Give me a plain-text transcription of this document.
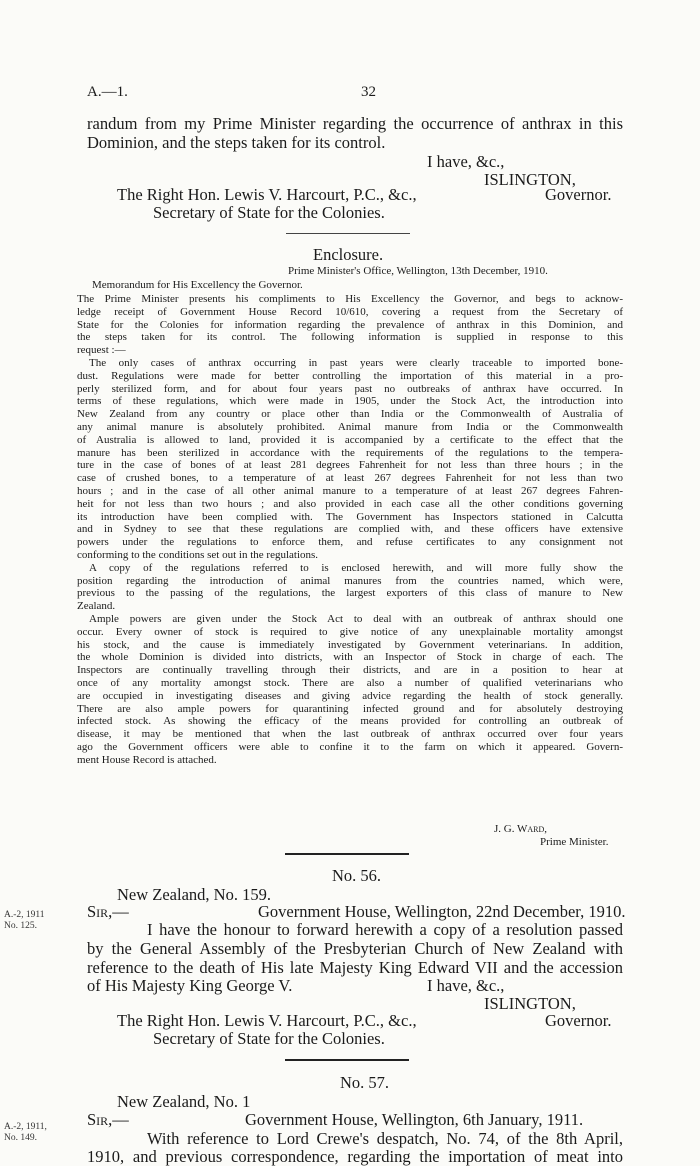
A.—1.	32
randum from my Prime Minister regarding the occurrence of anthrax in this
Dominion, and the steps taken for its control.
I have, &c.,
ISLINGTON,
The Right Hon. Lewis V. Harcourt, P.C., &c.,	Governor.
Secretary of State for the Colonies.
Enclosure.
Prime Minister's Office, Wellington, 13th December, 1910.
Memorandum for His Excellency the Governor.
The Prime Minister presents his compliments to His Excellency the Governor, and begs to acknow-
ledge receipt of Government House Record 10/610, covering a request from the Secretary of
State for the Colonies for information regarding the prevalence of anthrax in this Dominion, and
the steps taken for its control. The following information is supplied in response to this
request :—
The only cases of anthrax occurring in past years were clearly traceable to imported bone-
dust. Regulations were made for better controlling the importation of this material in a pro-
perly sterilized form, and for about four years past no outbreaks of anthrax have occurred. In
terms of these regulations, which were made in 1905, under the Stock Act, the introduction into
New Zealand from any country or place other than India or the Commonwealth of Australia of
any animal manure is absolutely prohibited. Animal manure from India or the Commonwealth
of Australia is allowed to land, provided it is accompanied by a certificate to the effect that the
manure has been sterilized in accordance with the requirements of the regulations to the tempera-
ture in the case of bones of at least 281 degrees Fahrenheit for not less than three hours ; in the
case of crushed bones, to a temperature of at least 267 degrees Fahrenheit for not less than two
hours ; and in the case of all other animal manure to a temperature of at least 267 degrees Fahren-
heit for not less than two hours ; and also provided in each case all the other conditions governing
its introduction have been complied with. The Government has Inspectors stationed in Calcutta
and in Sydney to see that these regulations are complied with, and these officers have extensive
powers under the regulations to enforce them, and refuse certificates to any consignment not
conforming to the conditions set out in the regulations.
A copy of the regulations referred to is enclosed herewith, and will more fully show the
position regarding the introduction of animal manures from the countries named, which were,
previous to the passing of the regulations, the largest exporters of this class of manure to New
Zealand.
Ample powers are given under the Stock Act to deal with an outbreak of anthrax should one
occur. Every owner of stock is required to give notice of any unexplainable mortality amongst
his stock, and the cause is immediately investigated by Government veterinarians. In addition,
the whole Dominion is divided into districts, with an Inspector of Stock in charge of each. The
Inspectors are continually travelling through their districts, and are in a position to hear at
once of any mortality amongst stock. There are also a number of qualified veterinarians who
are occupied in investigating diseases and giving advice regarding the health of stock generally.
There are also ample powers for quarantining infected ground and for absolutely destroying
infected stock. As showing the efficacy of the means provided for controlling an outbreak of
disease, it may be mentioned that when the last outbreak of anthrax occurred over four years
ago the Government officers were able to confine it to the farm on which it appeared. Govern-
ment House Record is attached.
J. G. Ward,
Prime Minister.
No. 56.
New Zealand, No. 159.
Sir,—	Government House, Wellington, 22nd December, 1910.
A.-2, 1911
No. 125.	I have the honour to forward herewith a copy of a resolution passed
by the General Assembly of the Presbyterian Church of New Zealand with
reference to the death of His late Majesty King Edward VII and the accession
of His Majesty King George V.	I have, &c.,
ISLINGTON,
The Right Hon. Lewis V. Harcourt, P.C., &c.,	Governor.
Secretary of State for the Colonies.
No. 57.
New Zealand, No. 1
Sir,—	Government House, Wellington, 6th January, 1911.
A.-2, 1911,
No. 149.	With reference to Lord Crewe's despatch, No. 74, of the 8th April,
1910, and previous correspondence, regarding the importation of meat into
